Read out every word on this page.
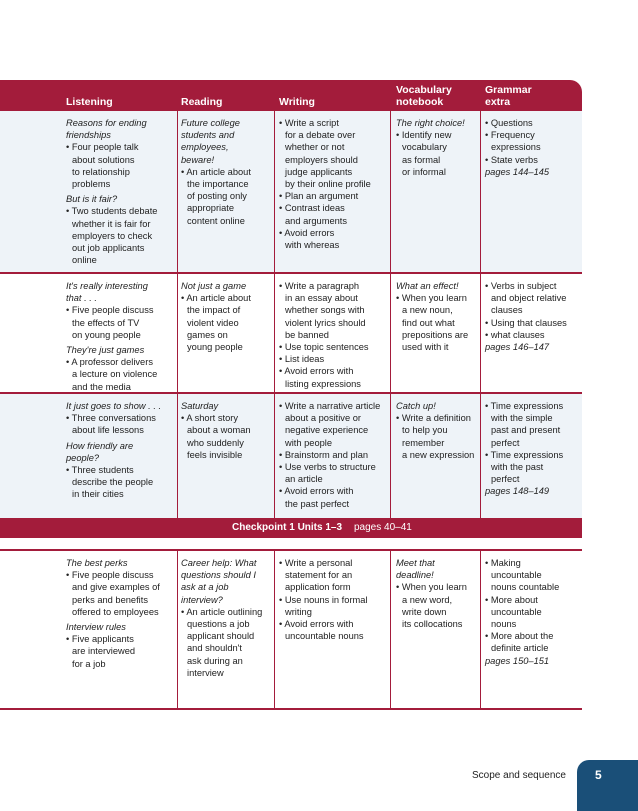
Listening	Reading	Writing
Vocabulary
notebook
Grammar
extra

Reasons for ending

friendships

• Four people talk

about solutions

to relationship

problems

But is it fair?

• Two students debate

whether it is fair for

employers to check

out job applicants

online

Future college

students and

employees,

beware!

• An article about

the importance

of posting only

appropriate

content online

• Write a script

for a debate over

whether or not

employers should

judge applicants

by their online profile

• Plan an argument

• Contrast ideas

and arguments

• Avoid errors

with whereas

The right choice!

• Identify new

vocabulary

as formal

or informal

• Questions

• Frequency

expressions

• State verbs

pages 144–145

It's really interesting

that . . .

• Five people discuss

the effects of TV

on young people

They're just games

• A professor delivers

a lecture on violence

and the media

Not just a game

• An article about

the impact of

violent video

games on

young people

• Write a paragraph

in an essay about

whether songs with

violent lyrics should

be banned

• Use topic sentences

• List ideas

• Avoid errors with

listing expressions

What an effect!

• When you learn

a new noun,

find out what

prepositions are

used with it

• Verbs in subject

and object relative

clauses

• Using that clauses

• what clauses

pages 146–147

It just goes to show . . .

• Three conversations

about life lessons

How friendly are

people?

• Three students

describe the people

in their cities

Saturday

• A short story

about a woman

who suddenly

feels invisible

• Write a narrative article

about a positive or

negative experience

with people

• Brainstorm and plan

• Use verbs to structure

an article

• Avoid errors with

the past perfect

Catch up!

• Write a definition

to help you

remember

a new expression

• Time expressions

with the simple

past and present

perfect

• Time expressions

with the past

perfect

pages 148–149

The best perks

• Five people discuss

and give examples of

perks and benefits

offered to employees

Interview rules

• Five applicants

are interviewed

for a job

Career help: What

questions should I

ask at a job

interview?

• An article outlining

questions a job

applicant should

and shouldn't

ask during an

interview

• Write a personal

statement for an

application form

• Use nouns in formal

writing

• Avoid errors with

uncountable nouns

Meet that

deadline!

• When you learn

a new word,

write down

its collocations

• Making

uncountable

nouns countable

• More about

uncountable

nouns

• More about the

definite article

pages 150–151

Checkpoint 1 Units 1–3 pages 40–41
Scope and sequence 5
